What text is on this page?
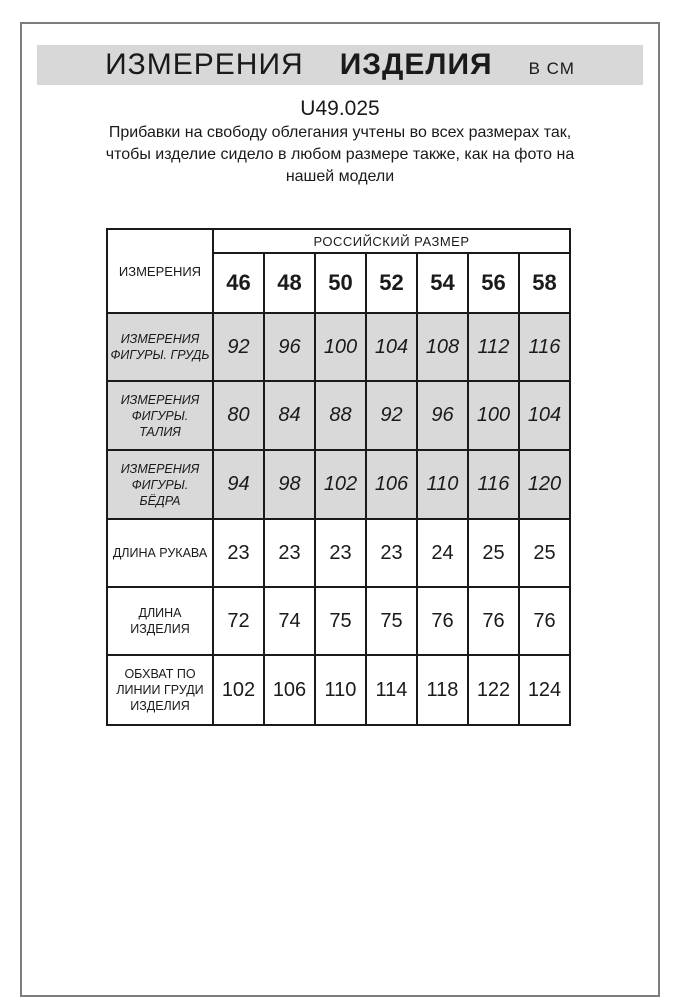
ИЗМЕРЕНИЯ ИЗДЕЛИЯ В СМ
U49.025
Прибавки на свободу облегания учтены во всех размерах так,
чтобы изделие сидело в любом размере также, как на фото на
нашей модели
ИЗМЕРЕНИЯ	РОССИЙСКИЙ РАЗМЕР						
	46	48	50	52	54	56	58

ИЗМЕРЕНИЯ
ФИГУРЫ. ГРУДЬ	92	96	100	104	108	112	116

ИЗМЕРЕНИЯ
ФИГУРЫ. ТАЛИЯ	80	84	88	92	96	100	104

ИЗМЕРЕНИЯ
ФИГУРЫ. БЁДРА	94	98	102	106	110	116	120

ДЛИНА РУКАВА	23	23	23	23	24	25	25

ДЛИНА ИЗДЕЛИЯ	72	74	75	75	76	76	76

ОБХВАТ ПО
ЛИНИИ ГРУДИ
ИЗДЕЛИЯ	102	106	110	114	118	122	124
